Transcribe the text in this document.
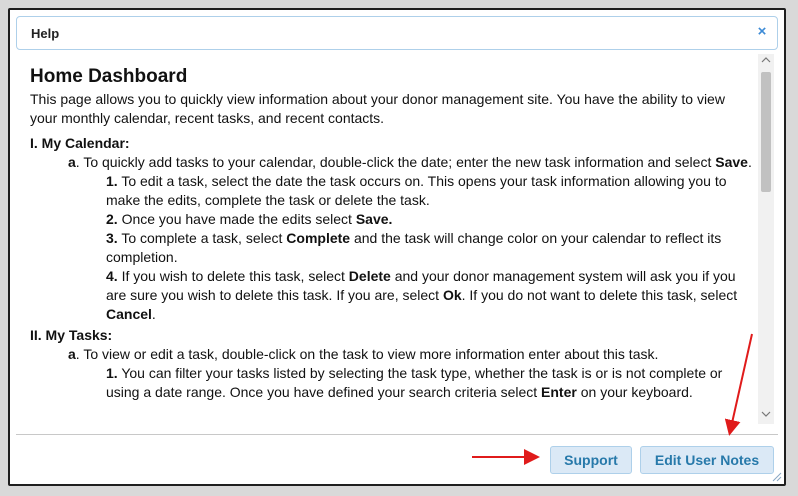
Help	×
Home Dashboard
This page allows you to quickly view information about your donor management site. You have the ability to view your monthly calendar, recent tasks, and recent contacts.
I. My Calendar:
a. To quickly add tasks to your calendar, double-click the date; enter the new task information and select Save.
1. To edit a task, select the date the task occurs on. This opens your task information allowing you to make the edits, complete the task or delete the task.
2. Once you have made the edits select Save.
3. To complete a task, select Complete and the task will change color on your calendar to reflect its completion.
4. If you wish to delete this task, select Delete and your donor management system will ask you if you are sure you wish to delete this task. If you are, select Ok. If you do not want to delete this task, select Cancel.
II. My Tasks:
a. To view or edit a task, double-click on the task to view more information enter about this task.
1. You can filter your tasks listed by selecting the task type, whether the task is or is not complete or using a date range. Once you have defined your search criteria select Enter on your keyboard.
Support	Edit User Notes
